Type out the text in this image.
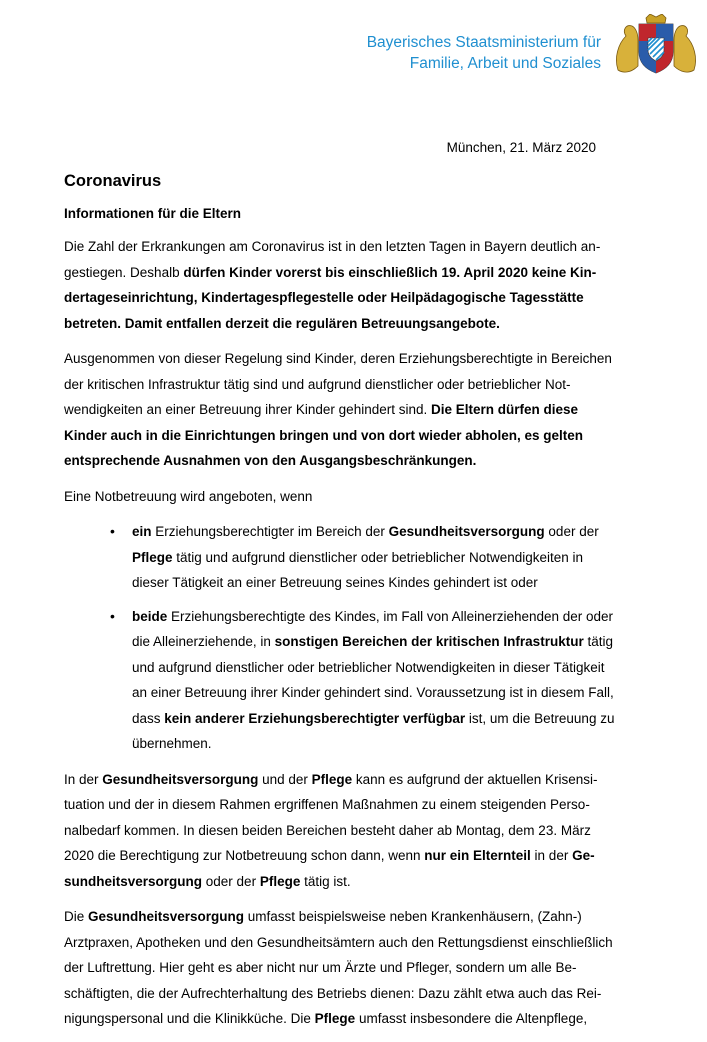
Bayerisches Staatsministerium für
Familie, Arbeit und Soziales
München, 21. März 2020
Coronavirus
Informationen für die Eltern

Die Zahl der Erkrankungen am Coronavirus ist in den letzten Tagen in Bayern deutlich angestiegen. Deshalb dürfen Kinder vorerst bis einschließlich 19. April 2020 keine Kindertageseinrichtung, Kindertagespflegestelle oder Heilpädagogische Tagesstätte betreten. Damit entfallen derzeit die regulären Betreuungsangebote.

Ausgenommen von dieser Regelung sind Kinder, deren Erziehungsberechtigte in Bereichen der kritischen Infrastruktur tätig sind und aufgrund dienstlicher oder betrieblicher Notwendigkeiten an einer Betreuung ihrer Kinder gehindert sind. Die Eltern dürfen diese Kinder auch in die Einrichtungen bringen und von dort wieder abholen, es gelten entsprechende Ausnahmen von den Ausgangsbeschränkungen.

Eine Notbetreuung wird angeboten, wenn

• ein Erziehungsberechtigter im Bereich der Gesundheitsversorgung oder der Pflege tätig und aufgrund dienstlicher oder betrieblicher Notwendigkeiten in dieser Tätigkeit an einer Betreuung seines Kindes gehindert ist oder
• beide Erziehungsberechtigte des Kindes, im Fall von Alleinerziehenden der oder die Alleinerziehende, in sonstigen Bereichen der kritischen Infrastruktur tätig und aufgrund dienstlicher oder betrieblicher Notwendigkeiten in dieser Tätigkeit an einer Betreuung ihrer Kinder gehindert sind. Voraussetzung ist in diesem Fall, dass kein anderer Erziehungsberechtigter verfügbar ist, um die Betreuung zu übernehmen.

In der Gesundheitsversorgung und der Pflege kann es aufgrund der aktuellen Krisensituation und der in diesem Rahmen ergriffenen Maßnahmen zu einem steigenden Personalbedarf kommen. In diesen beiden Bereichen besteht daher ab Montag, dem 23. März 2020 die Berechtigung zur Notbetreuung schon dann, wenn nur ein Elternteil in der Gesundheitsversorgung oder der Pflege tätig ist.

Die Gesundheitsversorgung umfasst beispielsweise neben Krankenhäusern, (Zahn-) Arztpraxen, Apotheken und den Gesundheitsämtern auch den Rettungsdienst einschließlich der Luftrettung. Hier geht es aber nicht nur um Ärzte und Pfleger, sondern um alle Beschäftigten, die der Aufrechterhaltung des Betriebs dienen: Dazu zählt etwa auch das Reinigungspersonal und die Klinikküche. Die Pflege umfasst insbesondere die Altenpflege,
